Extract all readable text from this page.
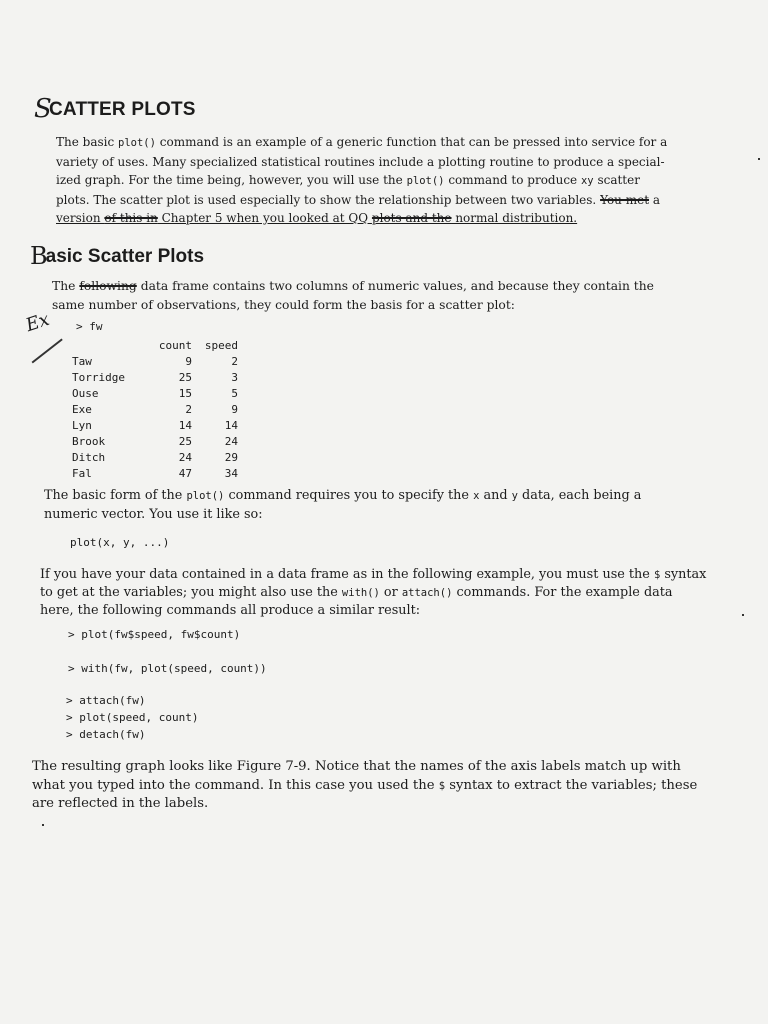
SCATTER PLOTS
The basic plot() command is an example of a generic function that can be pressed into service for a
variety of uses. Many specialized statistical routines include a plotting routine to produce a special-
ized graph. For the time being, however, you will use the plot() command to produce xy scatter
plots. The scatter plot is used especially to show the relationship between two variables. You met a
version of this in Chapter 5 when you looked at QQ plots and the normal distribution.
Basic Scatter Plots
The following data frame contains two columns of numeric values, and because they contain the
same number of observations, they could form the basis for a scatter plot:
Ex > fw
	count	speed
Taw	9	2
Torridge	25	3
Ouse	15	5
Exe	2	9
Lyn	14	14
Brook	25	24
Ditch	24	29
Fal	47	34
The basic form of the plot() command requires you to specify the x and y data, each being a
numeric vector. You use it like so:
plot(x, y, ...)
If you have your data contained in a data frame as in the following example, you must use the $ syntax
to get at the variables; you might also use the with() or attach() commands. For the example data
here, the following commands all produce a similar result:
> plot(fw$speed, fw$count)
> with(fw, plot(speed, count))
> attach(fw)
> plot(speed, count)
> detach(fw)
The resulting graph looks like Figure 7-9. Notice that the names of the axis labels match up with
what you typed into the command. In this case you used the $ syntax to extract the variables; these
are reflected in the labels.
